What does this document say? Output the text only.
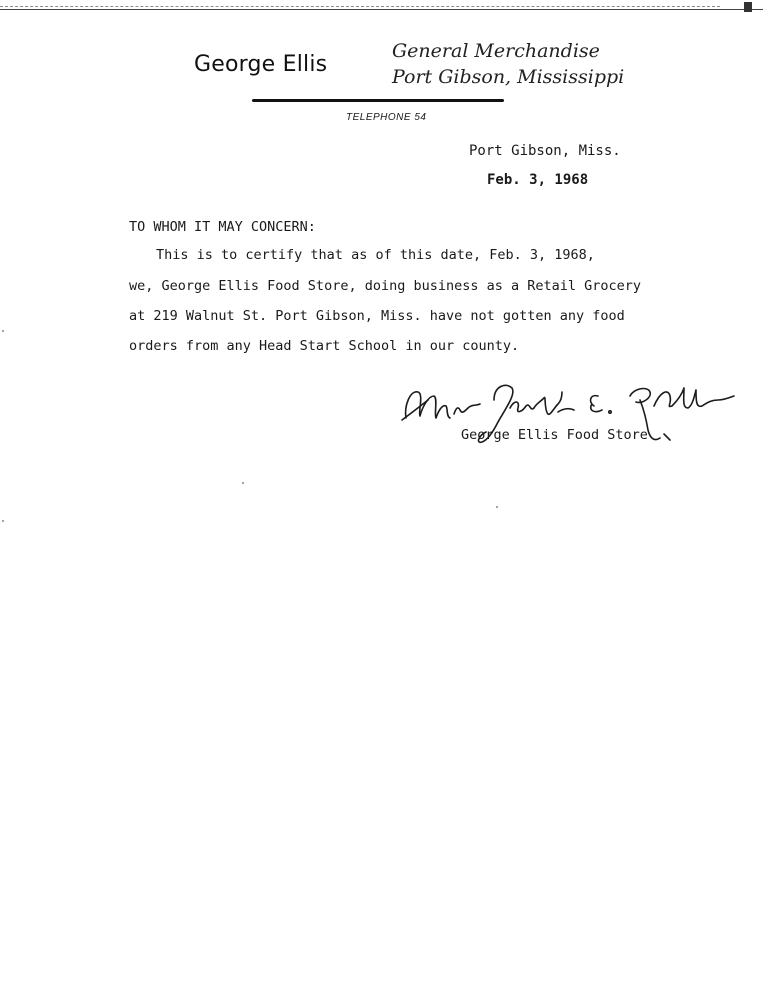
George Ellis
General Merchandise
Port Gibson, Mississippi
TELEPHONE 54
Port Gibson, Miss.
Feb. 3, 1968
TO WHOM IT MAY CONCERN:
This is to certify that as of this date, Feb. 3, 1968,
we, George Ellis Food Store, doing business as a Retail Grocery
at 219 Walnut St. Port Gibson, Miss. have not gotten any food
orders from any Head Start School in our county.
George Ellis Food Store
